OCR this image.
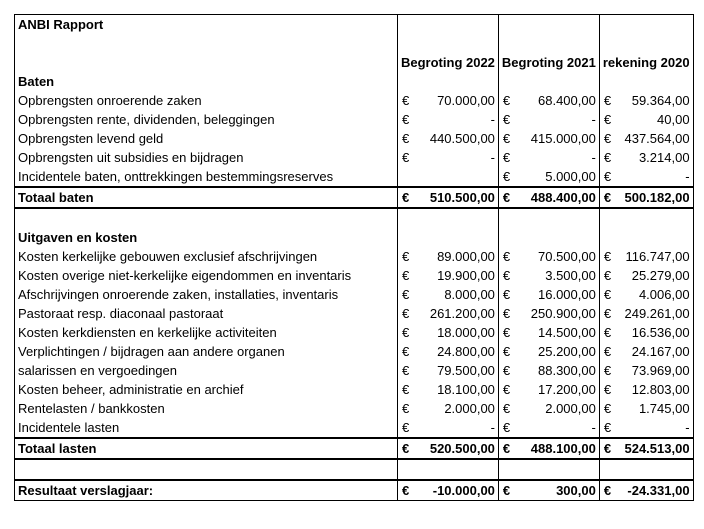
ANBI Rapport			

	Begroting 2022	Begroting 2021	rekening 2020
Baten			
Opbrengsten onroerende zaken	€ 70.000,00	€ 68.400,00	€ 59.364,00

Opbrengsten rente, dividenden, beleggingen	€ -	€ -	€ 40,00

Opbrengsten levend geld	€ 440.500,00	€ 415.000,00	€ 437.564,00

Opbrengsten uit subsidies en bijdragen	€ -	€ -	€ 3.214,00

Incidentele baten, onttrekkingen bestemmingsreserves		€ 5.000,00	€ -

Totaal baten	€ 510.500,00	€ 488.400,00	€ 500.182,00

Uitgaven en kosten			
Kosten kerkelijke gebouwen exclusief afschrijvingen	€ 89.000,00	€ 70.500,00	€ 116.747,00

Kosten overige niet-kerkelijke eigendommen en inventaris	€ 19.900,00	€ 3.500,00	€ 25.279,00

Afschrijvingen onroerende zaken, installaties, inventaris	€ 8.000,00	€ 16.000,00	€ 4.006,00

Pastoraat resp. diaconaal pastoraat	€ 261.200,00	€ 250.900,00	€ 249.261,00

Kosten kerkdiensten en kerkelijke activiteiten	€ 18.000,00	€ 14.500,00	€ 16.536,00

Verplichtingen / bijdragen aan andere organen	€ 24.800,00	€ 25.200,00	€ 24.167,00

salarissen en vergoedingen	€ 79.500,00	€ 88.300,00	€ 73.969,00

Kosten beheer, administratie en archief	€ 18.100,00	€ 17.200,00	€ 12.803,00

Rentelasten / bankkosten	€ 2.000,00	€ 2.000,00	€ 1.745,00

Incidentele lasten	€ -	€ -	€ -

Totaal lasten	€ 520.500,00	€ 488.100,00	€ 524.513,00

Resultaat verslagjaar:	€ -10.000,00	€ 300,00	€ -24.331,00
